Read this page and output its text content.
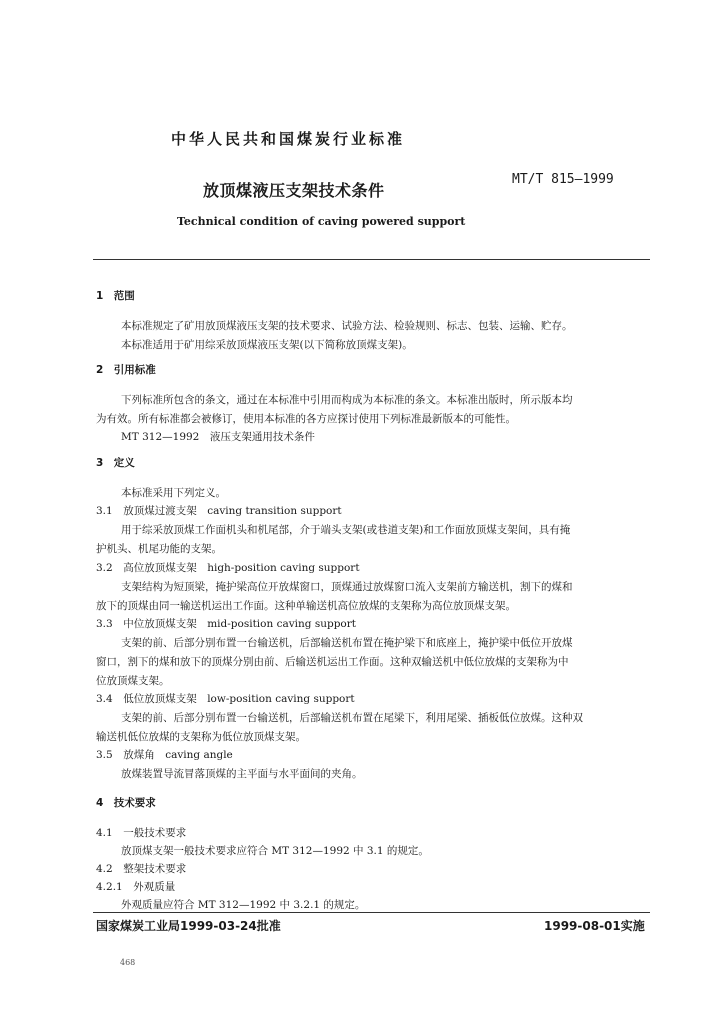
中华人民共和国煤炭行业标准
放顶煤液压支架技术条件
MT/T 815—1999
Technical condition of caving powered support
1　范围
本标准规定了矿用放顶煤液压支架的技术要求、试验方法、检验规则、标志、包装、运输、贮存。
本标准适用于矿用综采放顶煤液压支架(以下简称放顶煤支架)。
2　引用标准
下列标准所包含的条文，通过在本标准中引用而构成为本标准的条文。本标准出版时，所示版本均
为有效。所有标准都会被修订，使用本标准的各方应探讨使用下列标准最新版本的可能性。
MT 312—1992　液压支架通用技术条件
3　定义
本标准采用下列定义。
3.1　放顶煤过渡支架　caving transition support
用于综采放顶煤工作面机头和机尾部，介于端头支架(或巷道支架)和工作面放顶煤支架间，具有掩
护机头、机尾功能的支架。
3.2　高位放顶煤支架　high-position caving support
支架结构为短顶梁，掩护梁高位开放煤窗口，顶煤通过放煤窗口流入支架前方输送机，割下的煤和
放下的顶煤由同一输送机运出工作面。这种单输送机高位放煤的支架称为高位放顶煤支架。
3.3　中位放顶煤支架　mid-position caving support
支架的前、后部分别布置一台输送机，后部输送机布置在掩护梁下和底座上，掩护梁中低位开放煤
窗口，割下的煤和放下的顶煤分别由前、后输送机运出工作面。这种双输送机中低位放煤的支架称为中
位放顶煤支架。
3.4　低位放顶煤支架　low-position caving support
支架的前、后部分别布置一台输送机，后部输送机布置在尾梁下，利用尾梁、插板低位放煤。这种双
输送机低位放煤的支架称为低位放顶煤支架。
3.5　放煤角　caving angle
放煤装置导流冒落顶煤的主平面与水平面间的夹角。
4　技术要求
4.1　一般技术要求
放顶煤支架一般技术要求应符合 MT 312—1992 中 3.1 的规定。
4.2　整架技术要求
4.2.1　外观质量
外观质量应符合 MT 312—1992 中 3.2.1 的规定。
国家煤炭工业局1999-03-24批准	1999-08-01实施
468
